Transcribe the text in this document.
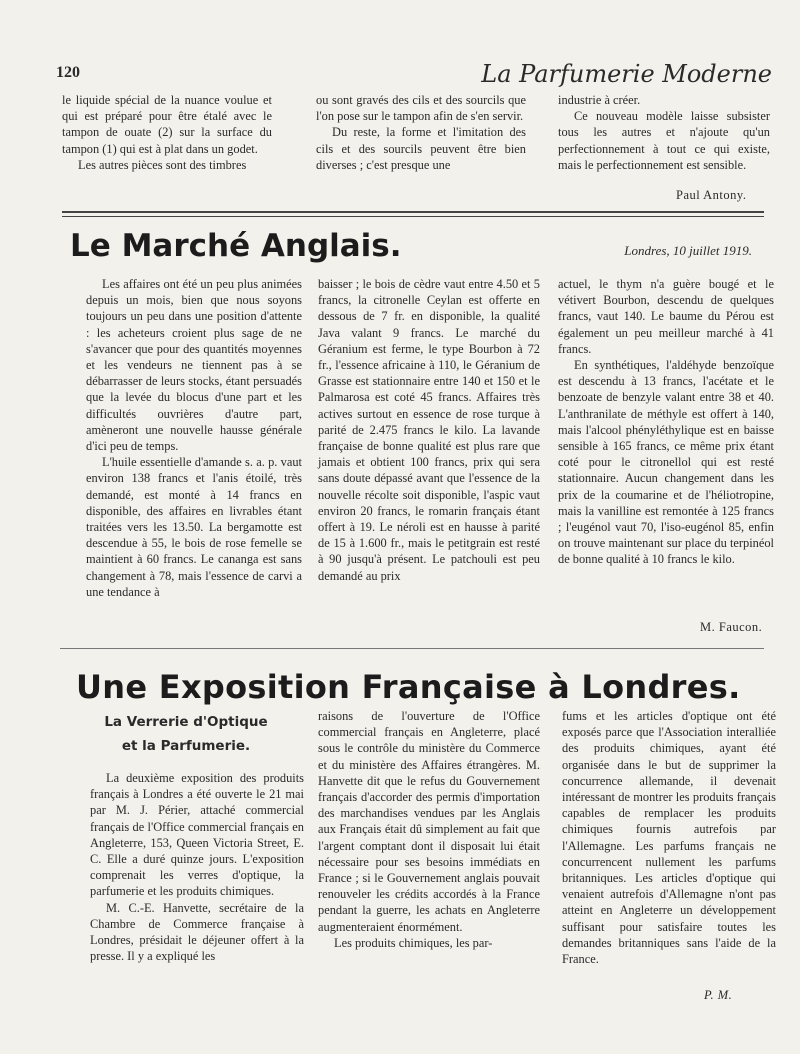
120	La Parfumerie Moderne

le liquide spécial de la nuance voulue et qui est préparé pour être étalé avec le tampon de ouate (2) sur la surface du tampon (1) qui est à plat dans un godet.

Les autres pièces sont des timbres

ou sont gravés des cils et des sourcils que l'on pose sur le tampon afin de s'en servir.

Du reste, la forme et l'imitation des cils et des sourcils peuvent être bien diverses ; c'est presque une

industrie à créer.

Ce nouveau modèle laisse subsister tous les autres et n'ajoute qu'un perfectionnement à tout ce qui existe, mais le perfectionnement est sensible.

Paul Antony.
Le Marché Anglais.	Londres, 10 juillet 1919.

Les affaires ont été un peu plus animées depuis un mois, bien que nous soyons toujours un peu dans une position d'attente : les acheteurs croient plus sage de ne s'avancer que pour des quantités moyennes et les vendeurs ne tiennent pas à se débarrasser de leurs stocks, étant persuadés que la levée du blocus d'une part et les difficultés ouvrières d'autre part, amèneront une nouvelle hausse générale d'ici peu de temps.

L'huile essentielle d'amande s. a. p. vaut environ 138 francs et l'anis étoilé, très demandé, est monté à 14 francs en disponible, des affaires en livrables étant traitées vers les 13.50. La bergamotte est descendue à 55, le bois de rose femelle se maintient à 60 francs. Le cananga est sans changement à 78, mais l'essence de carvi a une tendance à

baisser ; le bois de cèdre vaut entre 4.50 et 5 francs, la citronelle Ceylan est offerte en dessous de 7 fr. en disponible, la qualité Java valant 9 francs. Le marché du Géranium est ferme, le type Bourbon à 72 fr., l'essence africaine à 110, le Géranium de Grasse est stationnaire entre 140 et 150 et le Palmarosa est coté 45 francs. Affaires très actives surtout en essence de rose turque à parité de 2.475 francs le kilo. La lavande française de bonne qualité est plus rare que jamais et obtient 100 francs, prix qui sera sans doute dépassé avant que l'essence de la nouvelle récolte soit disponible, l'aspic vaut environ 20 francs, le romarin français étant offert à 19. Le néroli est en hausse à parité de 15 à 1.600 fr., mais le petitgrain est resté à 90 jusqu'à présent. Le patchouli est peu demandé au prix

actuel, le thym n'a guère bougé et le vétivert Bourbon, descendu de quelques francs, vaut 140. Le baume du Pérou est également un peu meilleur marché à 41 francs.

En synthétiques, l'aldéhyde benzoïque est descendu à 13 francs, l'acétate et le benzoate de benzyle valant entre 38 et 40. L'anthranilate de méthyle est offert à 140, mais l'alcool phényléthylique est en baisse sensible à 165 francs, ce même prix étant coté pour le citronellol qui est resté stationnaire. Aucun changement dans les prix de la coumarine et de l'héliotropine, mais la vanilline est remontée à 125 francs ; l'eugénol vaut 70, l'iso-eugénol 85, enfin on trouve maintenant sur place du terpinéol de bonne qualité à 10 francs le kilo.

M. Faucon.
Une Exposition Française à Londres.
La Verrerie d'Optique
et la Parfumerie.

La deuxième exposition des produits français à Londres a été ouverte le 21 mai par M. J. Périer, attaché commercial français de l'Office commercial français en Angleterre, 153, Queen Victoria Street, E. C. Elle a duré quinze jours. L'exposition comprenait les verres d'optique, la parfumerie et les produits chimiques.

M. C.-E. Hanvette, secrétaire de la Chambre de Commerce française à Londres, présidait le déjeuner offert à la presse. Il y a expliqué les

raisons de l'ouverture de l'Office commercial français en Angleterre, placé sous le contrôle du ministère du Commerce et du ministère des Affaires étrangères. M. Hanvette dit que le refus du Gouvernement français d'accorder des permis d'importation des marchandises vendues par les Anglais aux Français était dû simplement au fait que l'argent comptant dont il disposait lui était nécessaire pour ses besoins immédiats en France ; si le Gouvernement anglais pouvait renouveler les crédits accordés à la France pendant la guerre, les achats en Angleterre augmenteraient énormément.

Les produits chimiques, les par-

fums et les articles d'optique ont été exposés parce que l'Association interalliée des produits chimiques, ayant été organisée dans le but de supprimer la concurrence allemande, il devenait intéressant de montrer les produits français capables de remplacer les produits chimiques fournis autrefois par l'Allemagne. Les parfums français ne concurrencent nullement les parfums britanniques. Les articles d'optique qui venaient autrefois d'Allemagne n'ont pas atteint en Angleterre un développement suffisant pour satisfaire toutes les demandes britanniques sans l'aide de la France.

P. M.
